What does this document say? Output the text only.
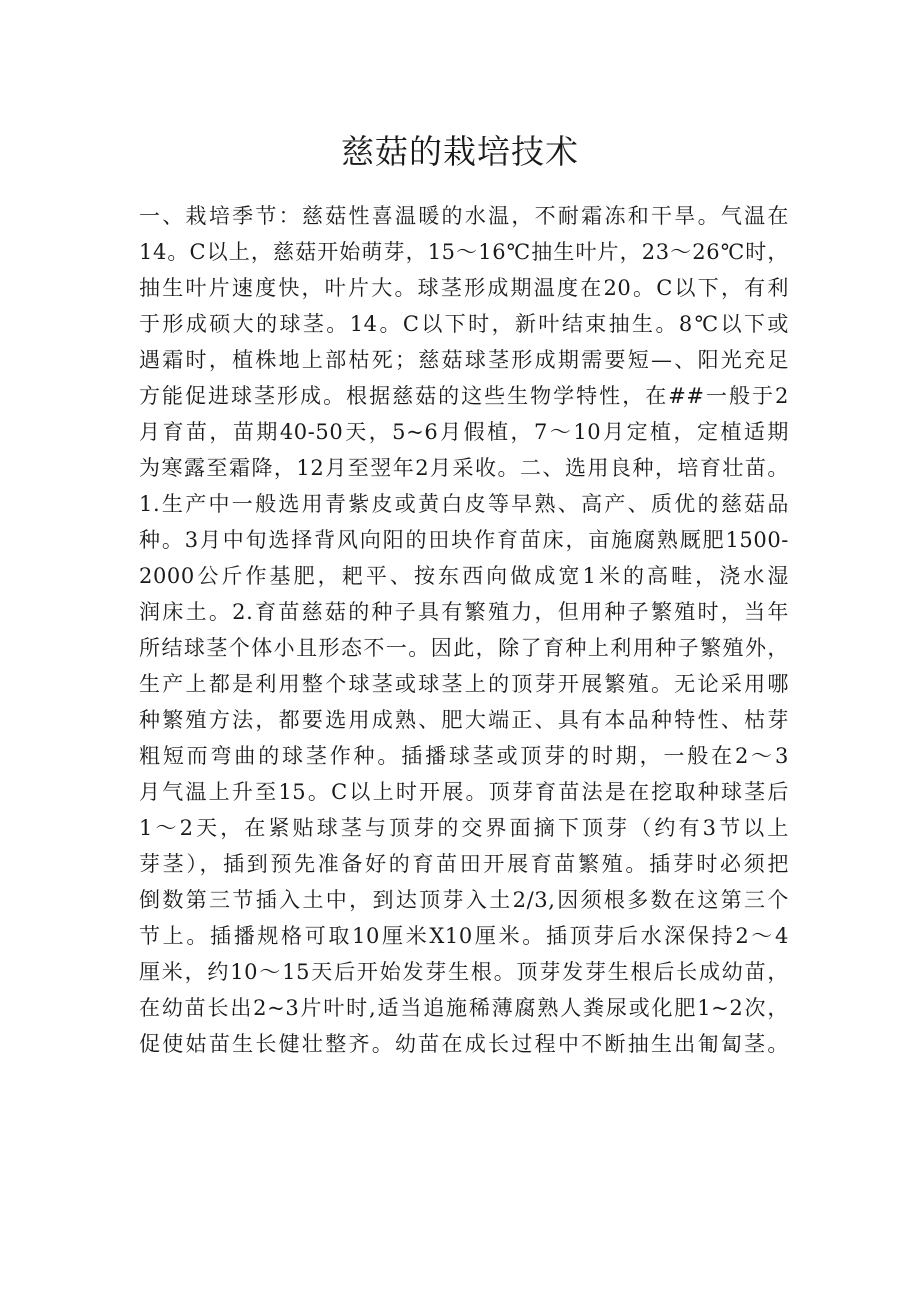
慈菇的栽培技术
一、栽培季节：慈菇性喜温暖的水温，不耐霜冻和干旱。气温在
14。C以上，慈菇开始萌芽，15～16℃抽生叶片，23～26℃时，
抽生叶片速度快，叶片大。球茎形成期温度在20。C以下，有利
于形成硕大的球茎。14。C以下时，新叶结束抽生。8℃以下或
遇霜时，植株地上部枯死；慈菇球茎形成期需要短—、阳光充足
方能促进球茎形成。根据慈菇的这些生物学特性，在##一般于2
月育苗，苗期40-50天，5~6月假植，7～10月定植，定植适期
为寒露至霜降，12月至翌年2月采收。二、选用良种，培育壮苗。
1.生产中一般选用青紫皮或黄白皮等早熟、高产、质优的慈菇品
种。3月中旬选择背风向阳的田块作育苗床，亩施腐熟厩肥1500-
2000公斤作基肥，耙平、按东西向做成宽1米的高畦，浇水湿
润床土。2.育苗慈菇的种子具有繁殖力，但用种子繁殖时，当年
所结球茎个体小且形态不一。因此，除了育种上利用种子繁殖外，
生产上都是利用整个球茎或球茎上的顶芽开展繁殖。无论采用哪
种繁殖方法，都要选用成熟、肥大端正、具有本品种特性、枯芽
粗短而弯曲的球茎作种。插播球茎或顶芽的时期，一般在2～3
月气温上升至15。C以上时开展。顶芽育苗法是在挖取种球茎后
1～2天，在紧贴球茎与顶芽的交界面摘下顶芽（约有3节以上
芽茎），插到预先准备好的育苗田开展育苗繁殖。插芽时必须把
倒数第三节插入土中，到达顶芽入土2/3,因须根多数在这第三个
节上。插播规格可取10厘米X10厘米。插顶芽后水深保持2～4
厘米，约10～15天后开始发芽生根。顶芽发芽生根后长成幼苗，
在幼苗长出2~3片叶时,适当追施稀薄腐熟人粪尿或化肥1~2次，
促使姑苗生长健壮整齐。幼苗在成长过程中不断抽生出匍匐茎。
